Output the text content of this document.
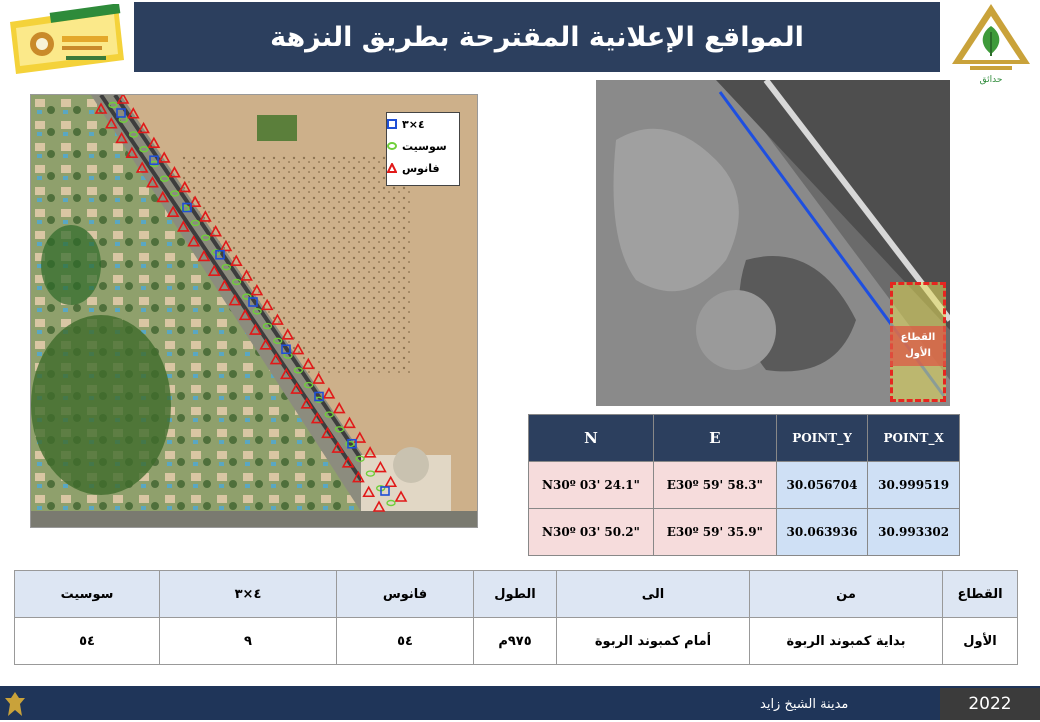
المواقع الإعلانية المقترحة بطريق النزهة
حدائق
٤×٣
سوسيت
فانوس
القطاع الأول
N	E	POINT_Y	POINT_X
N30º 03' 24.1"	E30º 59' 58.3"	30.056704	30.999519
N30º 03' 50.2"	E30º 59' 35.9"	30.063936	30.993302
القطاع	من	الى	الطول	فانوس	٤×٣	سوسيت
الأول	بداية كمبوند الربوة	أمام كمبوند الربوة	٩٧٥م	٥٤	٩	٥٤
مدينة الشيخ زايد	2022
